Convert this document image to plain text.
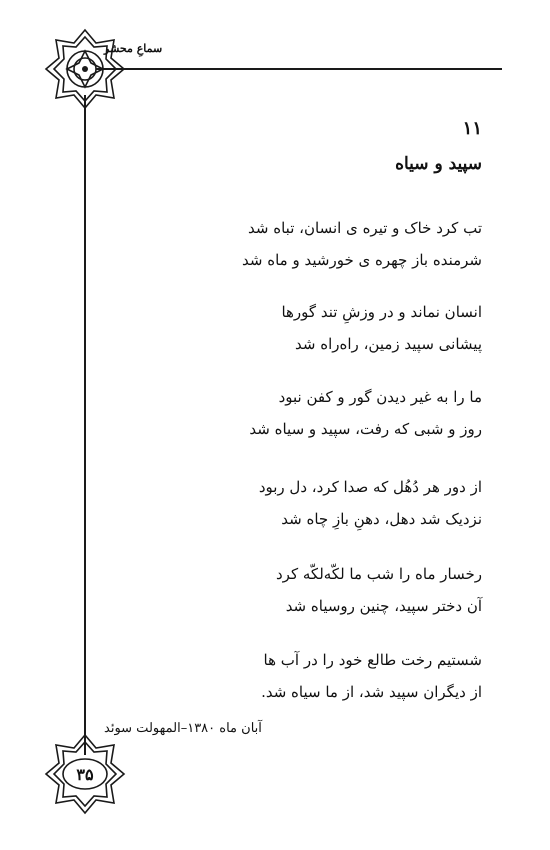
سماعِ محشر
۱۱
سپید و سیاه
تب کرد خاک و تیره ی انسان، تباه شد
شرمنده باز چهره ی خورشید و ماه شد
انسان نماند و در وزشِ تند گورها
پیشانی سپید زمین، راه‌راه شد
ما را به غیر دیدن گور و کفن نبود
روز و شبی که رفت، سپید و سیاه شد
از دور هر دُهُل که صدا کرد، دل ربود
نزدیک شد دهل، دهنِ بازِ چاه شد
رخسار ماه را شب ما لکّه‌لکّه کرد
آن دختر سپید، چنین روسیاه شد
شستیم رخت طالع خود را در آب ها
از دیگران سپید شد، از ما سیاه شد.
آبان ماه ۱۳۸۰–المهولت سوئد
۳۵
